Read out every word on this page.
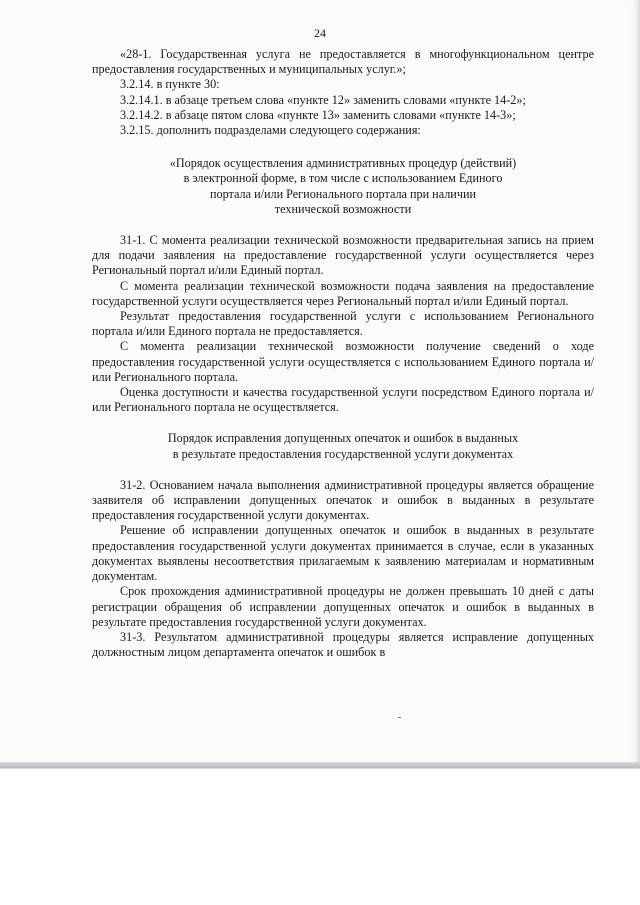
24

«28-1. Государственная услуга не предоставляется в многофункциональном центре предоставления государственных и муниципальных услуг.»;

3.2.14. в пункте 30:

3.2.14.1. в абзаце третьем слова «пункте 12» заменить словами «пункте 14-2»;

3.2.14.2. в абзаце пятом слова «пункте 13» заменить словами «пункте 14-3»;

3.2.15. дополнить подразделами следующего содержания:

«Порядок осуществления административных процедур (действий)

в электронной форме, в том числе с использованием Единого

портала и/или Регионального портала при наличии

технической возможности

31-1. С момента реализации технической возможности предварительная запись на прием для подачи заявления на предоставление государственной услуги осуществляется через Региональный портал и/или Единый портал.

С момента реализации технической возможности подача заявления на предоставление государственной услуги осуществляется через Региональный портал и/или Единый портал.

Результат предоставления государственной услуги с использованием Регионального портала и/или Единого портала не предоставляется.

С момента реализации технической возможности получение сведений о ходе предоставления государственной услуги осуществляется с использованием Единого портала и/или Регионального портала.

Оценка доступности и качества государственной услуги посредством Единого портала и/или Регионального портала не осуществляется.

Порядок исправления допущенных опечаток и ошибок в выданных

в результате предоставления государственной услуги документах

31-2. Основанием начала выполнения административной процедуры является обращение заявителя об исправлении допущенных опечаток и ошибок в выданных в результате предоставления государственной услуги документах.

Решение об исправлении допущенных опечаток и ошибок в выданных в результате предоставления государственной услуги документах принимается в случае, если в указанных документах выявлены несоответствия прилагаемым к заявлению материалам и нормативным документам.

Срок прохождения административной процедуры не должен превышать 10 дней с даты регистрации обращения об исправлении допущенных опечаток и ошибок в выданных в результате предоставления государственной услуги документах.

31-3. Результатом административной процедуры является исправление допущенных должностным лицом департамента опечаток и ошибок в
